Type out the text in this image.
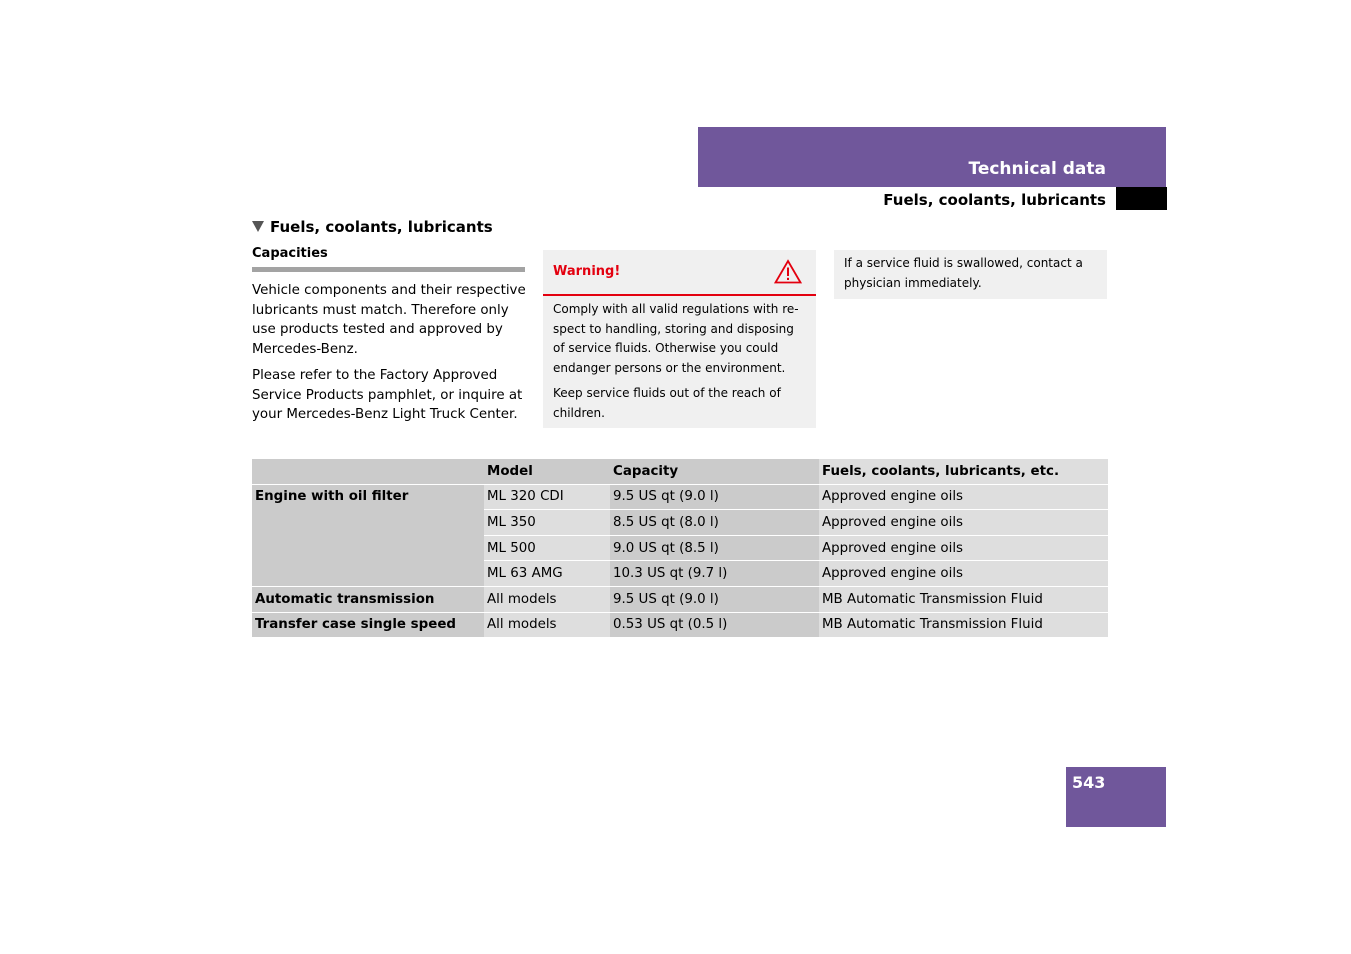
Technical data
Fuels, coolants, lubricants
Fuels, coolants, lubricants
Capacities

Vehicle components and their respective lubricants must match. Therefore only use products tested and approved by Mercedes-Benz.

Please refer to the Factory Approved Service Products pamphlet, or inquire at your Mercedes-Benz Light Truck Center.

Warning!

Comply with all valid regulations with re-spect to handling, storing and disposing of service fluids. Otherwise you could endanger persons or the environment.

Keep service fluids out of the reach of children.

If a service fluid is swallowed, contact a physician immediately.
	Model	Capacity	Fuels, coolants, lubricants, etc.
Engine with oil filter	ML 320 CDI	9.5 US qt (9.0 l)	Approved engine oils
	ML 350	8.5 US qt (8.0 l)	Approved engine oils
	ML 500	9.0 US qt (8.5 l)	Approved engine oils
	ML 63 AMG	10.3 US qt (9.7 l)	Approved engine oils
Automatic transmission	All models	9.5 US qt (9.0 l)	MB Automatic Transmission Fluid
Transfer case single speed	All models	0.53 US qt (0.5 l)	MB Automatic Transmission Fluid
543
